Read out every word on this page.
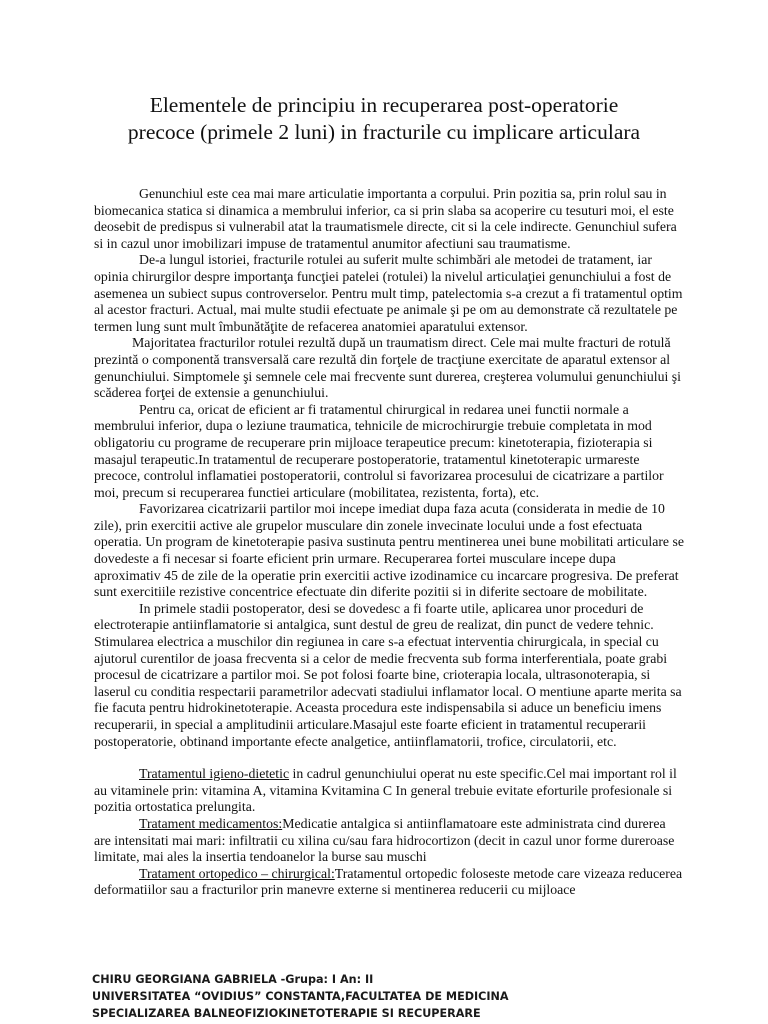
Elementele de principiu in recuperarea post-operatorie
precoce (primele 2 luni) in fracturile cu implicare articulara

Genunchiul este cea mai mare articulatie importanta a corpului. Prin pozitia sa, prin rolul sau in biomecanica statica si dinamica a membrului inferior, ca si prin slaba sa acoperire cu tesuturi moi, el este deosebit de predispus si vulnerabil atat la traumatismele directe, cit si la cele indirecte. Genunchiul sufera si in cazul unor imobilizari impuse de tratamentul anumitor afectiuni sau traumatisme.

De-a lungul istoriei, fracturile rotulei au suferit multe schimbări ale metodei de tratament, iar opinia chirurgilor despre importanţa funcţiei patelei (rotulei) la nivelul articulaţiei genunchiului a fost de asemenea un subiect supus controverselor. Pentru mult timp, patelectomia s-a crezut a fi tratamentul optim al acestor fracturi. Actual, mai multe studii efectuate pe animale şi pe om au demonstrate că rezultatele pe termen lung sunt mult îmbunătăţite de refacerea anatomiei aparatului extensor.

Majoritatea fracturilor rotulei rezultă după un traumatism direct. Cele mai multe fracturi de rotulă prezintă o componentă transversală care rezultă din forţele de tracţiune exercitate de aparatul extensor al genunchiului. Simptomele şi semnele cele mai frecvente sunt durerea, creşterea volumului genunchiului şi scăderea forţei de extensie a genunchiului.

Pentru ca, oricat de eficient ar fi tratamentul chirurgical in redarea unei functii normale a membrului inferior, dupa o leziune traumatica, tehnicile de microchirurgie trebuie completata in mod obligatoriu cu programe de recuperare prin mijloace terapeutice precum: kinetoterapia, fizioterapia si masajul terapeutic.In tratamentul de recuperare postoperatorie, tratamentul kinetoterapic urmareste precoce, controlul inflamatiei postoperatorii, controlul si favorizarea procesului de cicatrizare a partilor moi, precum si recuperarea functiei articulare (mobilitatea, rezistenta, forta), etc.

Favorizarea cicatrizarii partilor moi incepe imediat dupa faza acuta (considerata in medie de 10 zile), prin exercitii active ale grupelor musculare din zonele invecinate locului unde a fost efectuata operatia. Un program de kinetoterapie pasiva sustinuta pentru mentinerea unei bune mobilitati articulare se dovedeste a fi necesar si foarte eficient prin urmare. Recuperarea fortei musculare incepe dupa aproximativ 45 de zile de la operatie prin exercitii active izodinamice cu incarcare progresiva. De preferat sunt exercitiile rezistive concentrice efectuate din diferite pozitii si in diferite sectoare de mobilitate.

In primele stadii postoperator, desi se dovedesc a fi foarte utile, aplicarea unor proceduri de electroterapie antiinflamatorie si antalgica, sunt destul de greu de realizat, din punct de vedere tehnic. Stimularea electrica a muschilor din regiunea in care s-a efectuat interventia chirurgicala, in special cu ajutorul curentilor de joasa frecventa si a celor de medie frecventa sub forma interferentiala, poate grabi procesul de cicatrizare a partilor moi. Se pot folosi foarte bine, crioterapia locala, ultrasonoterapia, si laserul cu conditia respectarii parametrilor adecvati stadiului inflamator local. O mentiune aparte merita sa fie facuta pentru hidrokinetoterapie. Aceasta procedura este indispensabila si aduce un beneficiu imens recuperarii, in special a amplitudinii articulare.Masajul este foarte eficient in tratamentul recuperarii postoperatorie, obtinand importante efecte analgetice, antiinflamatorii, trofice, circulatorii, etc.

Tratamentul igieno-dietetic in cadrul genunchiului operat nu este specific.Cel mai important rol il au vitaminele prin: vitamina A, vitamina Kvitamina C In general trebuie evitate eforturile profesionale si pozitia ortostatica prelungita.

Tratament medicamentos:Medicatie antalgica si antiinflamatoare este administrata cind durerea are intensitati mai mari: infiltratii cu xilina cu/sau fara hidrocortizon (decit in cazul unor forme dureroase limitate, mai ales la insertia tendoanelor la burse sau muschi

Tratament ortopedico – chirurgical:Tratamentul ortopedic foloseste metode care vizeaza reducerea deformatiilor sau a fracturilor prin manevre externe si mentinerea reducerii cu mijloace

CHIRU GEORGIANA GABRIELA -Grupa: I An: II
UNIVERSITATEA “OVIDIUS” CONSTANTA,FACULTATEA DE MEDICINA
SPECIALIZAREA BALNEOFIZIOKINETOTERAPIE SI RECUPERARE
